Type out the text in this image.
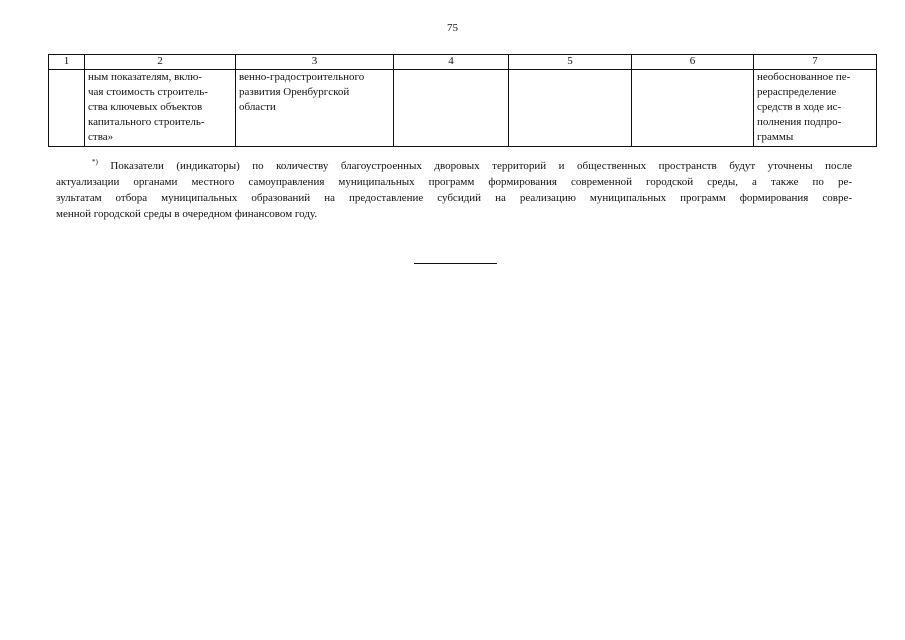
75
1	2	3	4	5	6	7

	ным показателям, вклю-
чая стоимость строитель-
ства ключевых объектов
капитального строитель-
ства»	венно-градостроительного
развития Оренбургской
области				необоснованное пе-
рераспределение
средств в ходе ис-
полнения подпро-
граммы
*) Показатели (индикаторы) по количеству благоустроенных дворовых территорий и общественных пространств будут уточнены после
актуализации органами местного самоуправления муниципальных программ формирования современной городской среды, а также по ре-
зультатам отбора муниципальных образований на предоставление субсидий на реализацию муниципальных программ формирования совре-
менной городской среды в очередном финансовом году.
